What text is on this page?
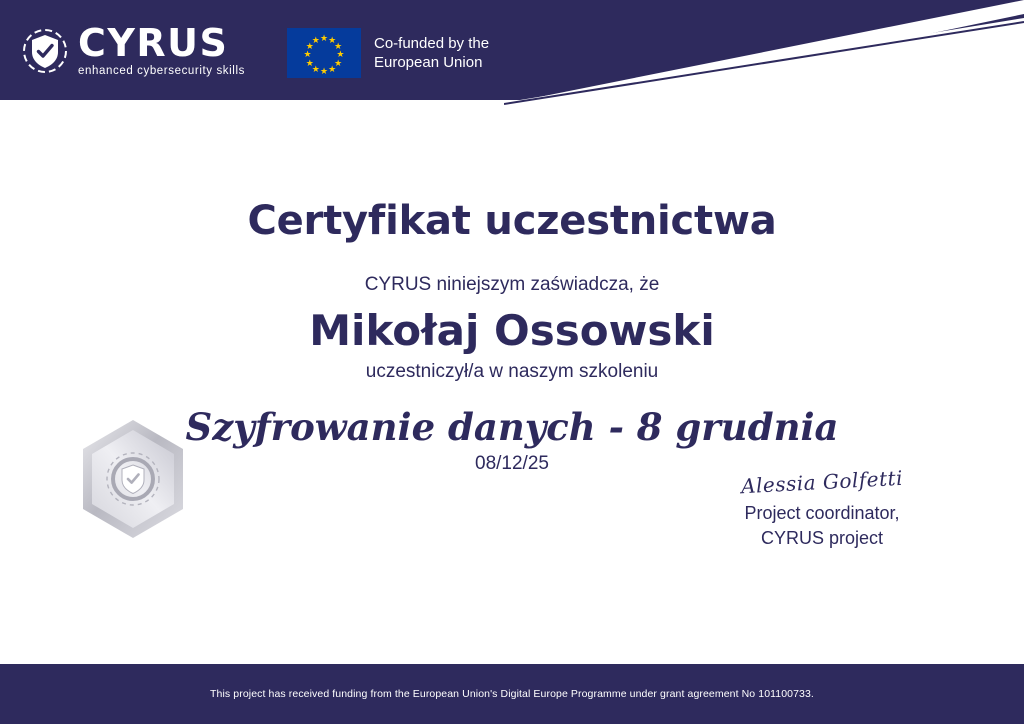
CYRUS
enhanced cybersecurity skills
★
★
★
★
★
★ ★ ★
★
★
★
★	Co-funded by the
European Union
Certyfikat uczestnictwa
CYRUS niniejszym zaświadcza, że
Mikołaj Ossowski
uczestniczył/a w naszym szkoleniu
Szyfrowanie danych - 8 grudnia
08/12/25
Alessia Golfetti
Project coordinator,
CYRUS project
This project has received funding from the European Union's Digital Europe Programme under grant agreement No 101100733.
